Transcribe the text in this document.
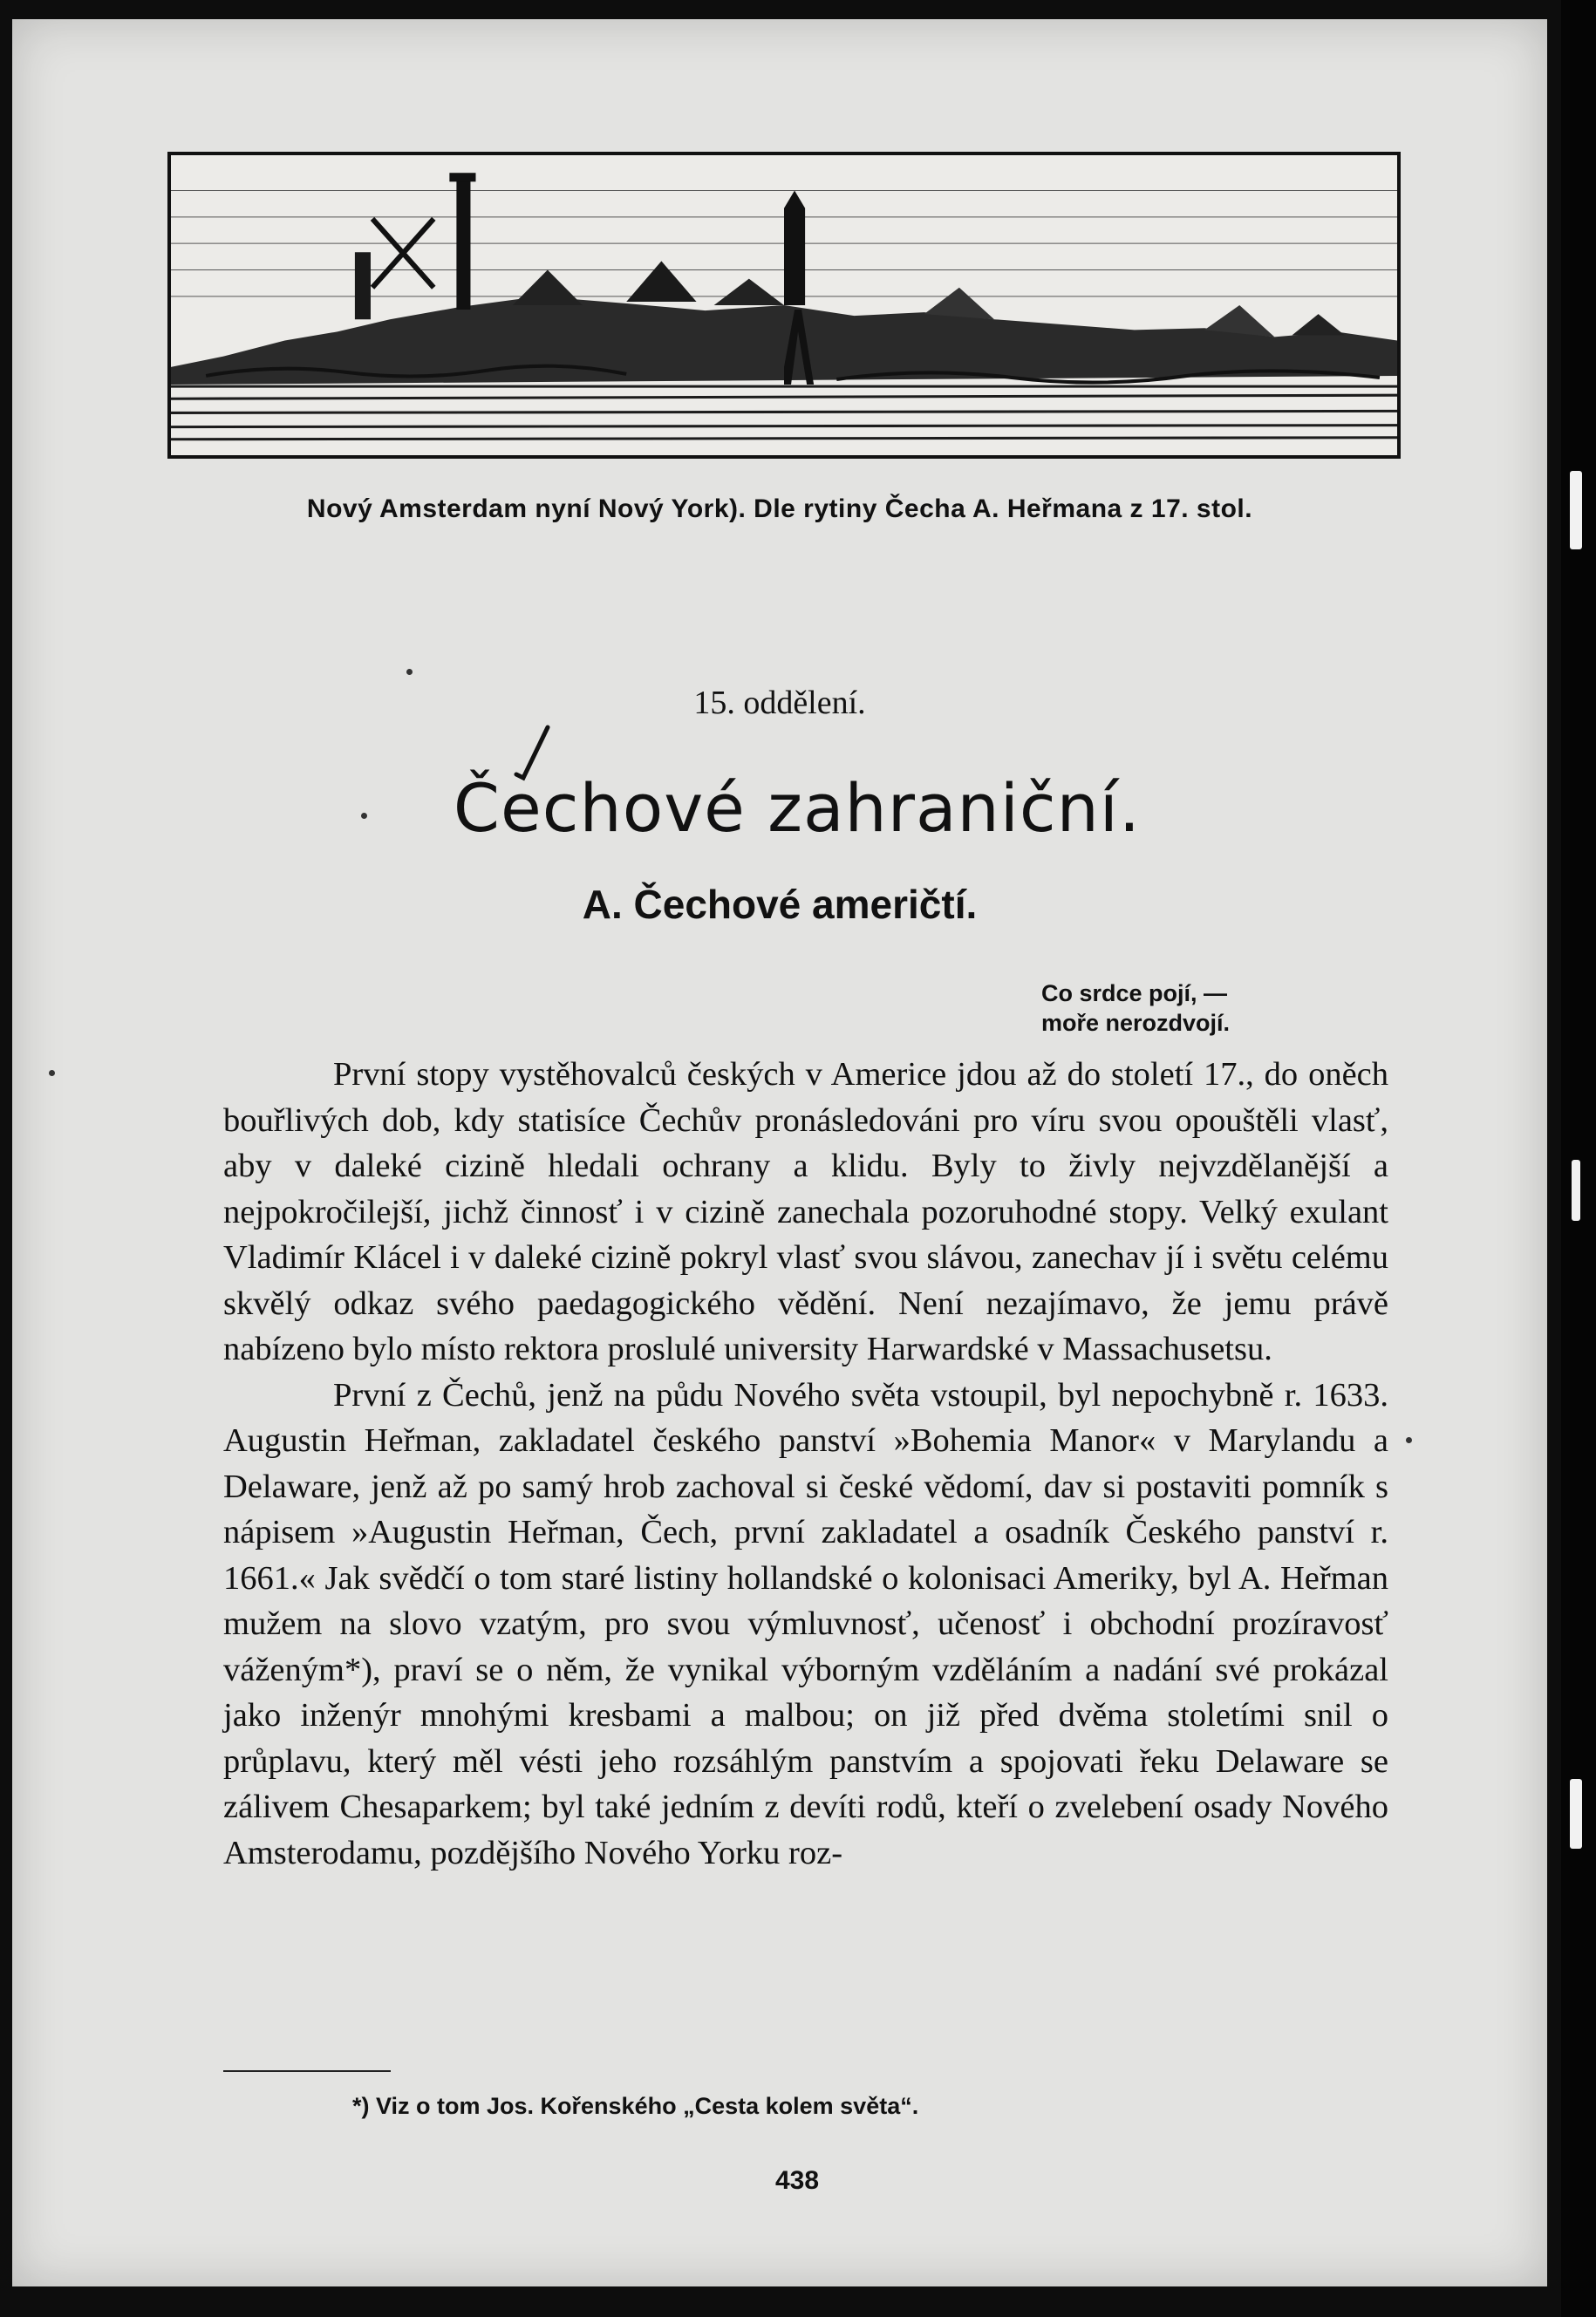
Nový Amsterdam nyní Nový York). Dle rytiny Čecha A. Heřmana z 17. stol.
15. oddělení.
Čechové zahraniční.
A. Čechové američtí.
Co srdce pojí, —
moře nerozdvojí.

První stopy vystěhovalců českých v Americe jdou až do století 17., do oněch bouřlivých dob, kdy statisíce Čechův pronásledováni pro víru svou opouštěli vlasť, aby v daleké cizině hledali ochrany a klidu. Byly to živly nejvzdělanější a nejpokročilejší, jichž činnosť i v cizině zanechala pozoruhodné stopy. Velký exulant Vladimír Klácel i v daleké cizině pokryl vlasť svou slávou, zanechav jí i světu celému skvělý odkaz svého paedagogického vědění. Není nezajímavo, že jemu právě nabízeno bylo místo rektora proslulé university Harwardské v Massachusetsu.

První z Čechů, jenž na půdu Nového světa vstoupil, byl nepochybně r. 1633. Augustin Heřman, zakladatel českého panství »Bohemia Manor« v Marylandu a Delaware, jenž až po samý hrob zachoval si české vědomí, dav si postaviti pomník s nápisem »Augustin Heřman, Čech, první zakladatel a osadník Českého panství r. 1661.« Jak svědčí o tom staré listiny hollandské o kolonisaci Ameriky, byl A. Heřman mužem na slovo vzatým, pro svou výmluvnosť, učenosť i obchodní prozíravosť váženým*), praví se o něm, že vynikal výborným vzděláním a nadání své prokázal jako inženýr mnohými kresbami a malbou; on již před dvěma stoletími snil o průplavu, který měl vésti jeho rozsáhlým panstvím a spojovati řeku Delaware se zálivem Chesaparkem; byl také jedním z devíti rodů, kteří o zvelebení osady Nového Amsterodamu, pozdějšího Nového Yorku roz-

*) Viz o tom Jos. Kořenského „Cesta kolem světa“.
438
